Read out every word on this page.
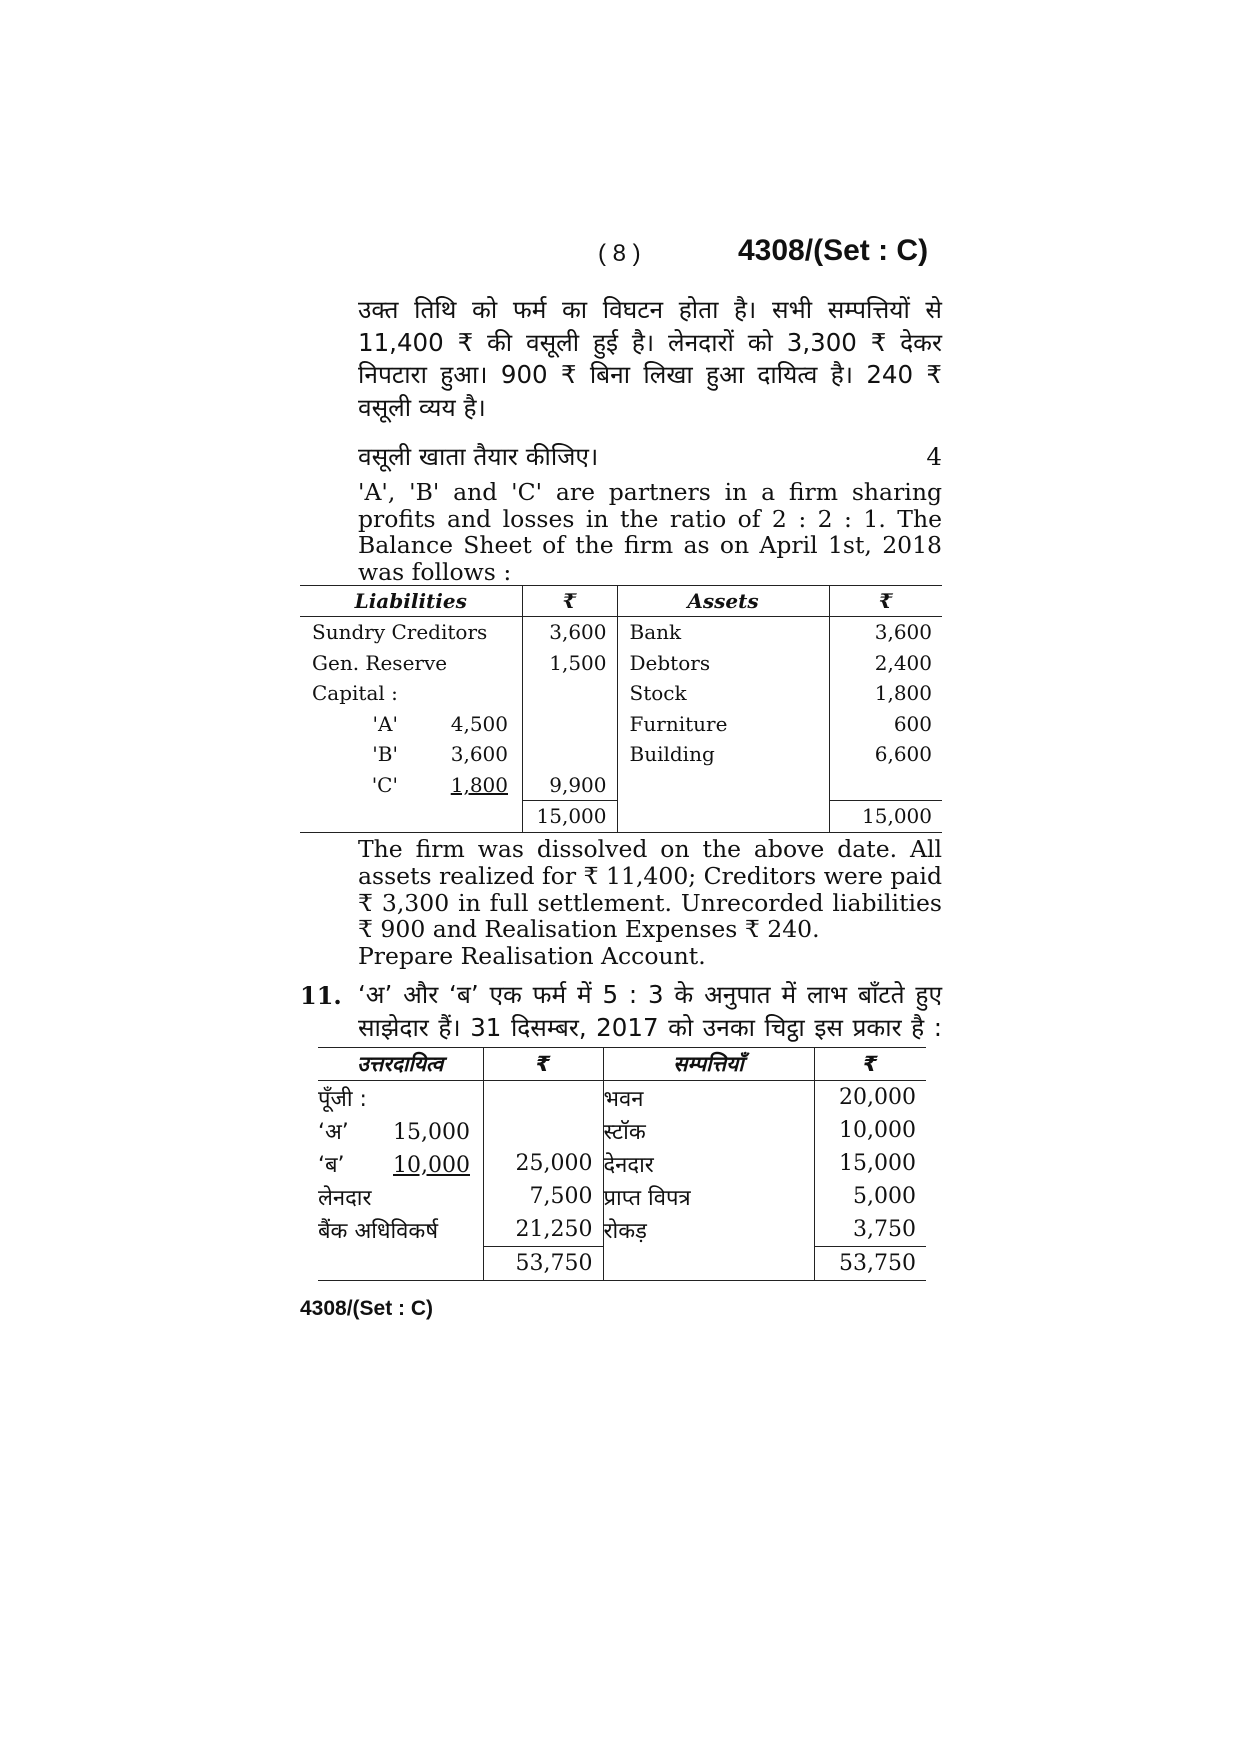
( 8 )	4308/(Set : C)
उक्त तिथि को फर्म का विघटन होता है। सभी सम्पत्तियों से
11,400 ₹ की वसूली हुई है। लेनदारों को 3,300 ₹ देकर
निपटारा हुआ। 900 ₹ बिना लिखा हुआ दायित्व है। 240 ₹
वसूली व्यय है।
वसूली खाता तैयार कीजिए।	4
'A', 'B' and 'C' are partners in a firm sharing
profits and losses in the ratio of 2 : 2 : 1. The
Balance Sheet of the firm as on April 1st, 2018
was follows :
Liabilities	₹	Assets	₹
Sundry Creditors	3,600	Bank	3,600
Gen. Reserve	1,500	Debtors	2,400
Capital :		Stock	1,800
'A' 4,500		Furniture	600
'B' 3,600		Building	6,600
'C' 1,800	9,900		
	15,000		15,000
The firm was dissolved on the above date. All
assets realized for ₹ 11,400; Creditors were paid
₹ 3,300 in full settlement. Unrecorded liabilities
₹ 900 and Realisation Expenses ₹ 240.
Prepare Realisation Account.
11. ‘अ’ और ‘ब’ एक फर्म में 5 : 3 के अनुपात में लाभ बाँटते हुए
साझेदार हैं। 31 दिसम्बर, 2017 को उनका चिट्ठा इस प्रकार है :
उत्तरदायित्व	₹	सम्पत्तियाँ	₹
पूँजी :		भवन	20,000
‘अ’ 15,000		स्टॉक	10,000
‘ब’ 10,000	25,000	देनदार	15,000
लेनदार	7,500	प्राप्त विपत्र	5,000
बैंक अधिविकर्ष	21,250	रोकड़	3,750
	53,750		53,750
4308/(Set : C)
